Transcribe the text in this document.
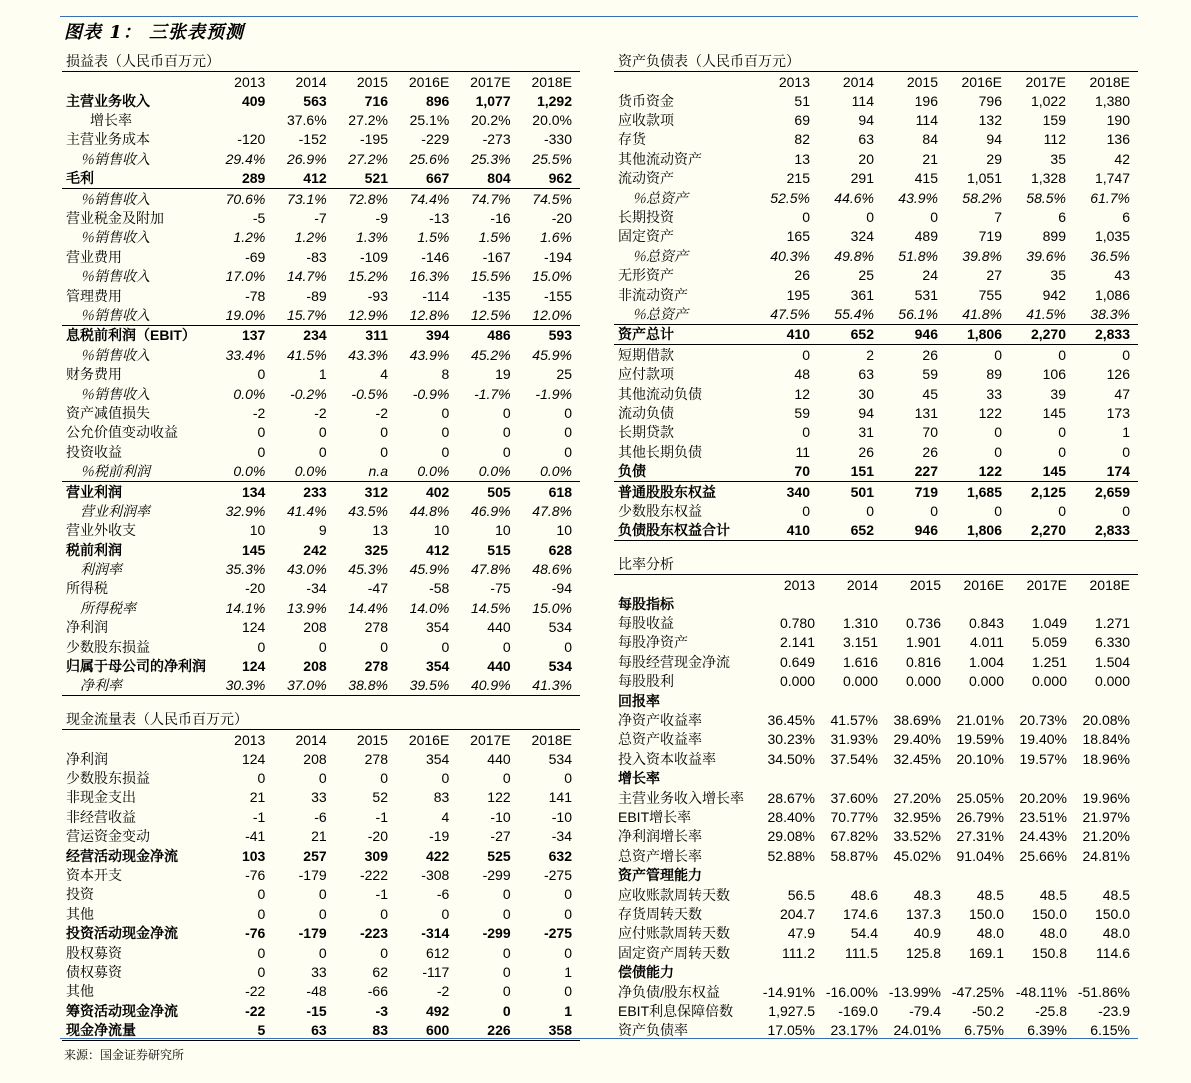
图表 1： 三张表预测
损益表（人民币百万元）
	2013	2014	2015	2016E	2017E	2018E
主营业务收入	409	563	716	896	1,077	1,292
增长率		37.6%	27.2%	25.1%	20.2%	20.0%
主营业务成本	-120	-152	-195	-229	-273	-330
％销售收入	29.4%	26.9%	27.2%	25.6%	25.3%	25.5%
毛利	289	412	521	667	804	962
％销售收入	70.6%	73.1%	72.8%	74.4%	74.7%	74.5%
营业税金及附加	-5	-7	-9	-13	-16	-20
％销售收入	1.2%	1.2%	1.3%	1.5%	1.5%	1.6%
营业费用	-69	-83	-109	-146	-167	-194
％销售收入	17.0%	14.7%	15.2%	16.3%	15.5%	15.0%
管理费用	-78	-89	-93	-114	-135	-155
％销售收入	19.0%	15.7%	12.9%	12.8%	12.5%	12.0%
息税前利润（EBIT）	137	234	311	394	486	593
％销售收入	33.4%	41.5%	43.3%	43.9%	45.2%	45.9%
财务费用	0	1	4	8	19	25
％销售收入	0.0%	-0.2%	-0.5%	-0.9%	-1.7%	-1.9%
资产减值损失	-2	-2	-2	0	0	0
公允价值变动收益	0	0	0	0	0	0
投资收益	0	0	0	0	0	0
％税前利润	0.0%	0.0%	n.a	0.0%	0.0%	0.0%
营业利润	134	233	312	402	505	618
营业利润率	32.9%	41.4%	43.5%	44.8%	46.9%	47.8%
营业外收支	10	9	13	10	10	10
税前利润	145	242	325	412	515	628
利润率	35.3%	43.0%	45.3%	45.9%	47.8%	48.6%
所得税	-20	-34	-47	-58	-75	-94
所得税率	14.1%	13.9%	14.4%	14.0%	14.5%	15.0%
净利润	124	208	278	354	440	534
少数股东损益	0	0	0	0	0	0
归属于母公司的净利润	124	208	278	354	440	534
净利率	30.3%	37.0%	38.8%	39.5%	40.9%	41.3%
现金流量表（人民币百万元）
	2013	2014	2015	2016E	2017E	2018E
净利润	124	208	278	354	440	534
少数股东损益	0	0	0	0	0	0
非现金支出	21	33	52	83	122	141
非经营收益	-1	-6	-1	4	-10	-10
营运资金变动	-41	21	-20	-19	-27	-34
经营活动现金净流	103	257	309	422	525	632
资本开支	-76	-179	-222	-308	-299	-275
投资	0	0	-1	-6	0	0
其他	0	0	0	0	0	0
投资活动现金净流	-76	-179	-223	-314	-299	-275
股权募资	0	0	0	612	0	0
债权募资	0	33	62	-117	0	1
其他	-22	-48	-66	-2	0	0
筹资活动现金净流	-22	-15	-3	492	0	1
现金净流量	5	63	83	600	226	358
资产负债表（人民币百万元）
	2013	2014	2015	2016E	2017E	2018E
货币资金	51	114	196	796	1,022	1,380
应收款项	69	94	114	132	159	190
存货	82	63	84	94	112	136
其他流动资产	13	20	21	29	35	42
流动资产	215	291	415	1,051	1,328	1,747
％总资产	52.5%	44.6%	43.9%	58.2%	58.5%	61.7%
长期投资	0	0	0	7	6	6
固定资产	165	324	489	719	899	1,035
％总资产	40.3%	49.8%	51.8%	39.8%	39.6%	36.5%
无形资产	26	25	24	27	35	43
非流动资产	195	361	531	755	942	1,086
％总资产	47.5%	55.4%	56.1%	41.8%	41.5%	38.3%
资产总计	410	652	946	1,806	2,270	2,833
短期借款	0	2	26	0	0	0
应付款项	48	63	59	89	106	126
其他流动负债	12	30	45	33	39	47
流动负债	59	94	131	122	145	173
长期贷款	0	31	70	0	0	1
其他长期负债	11	26	26	0	0	0
负债	70	151	227	122	145	174
普通股股东权益	340	501	719	1,685	2,125	2,659
少数股东权益	0	0	0	0	0	0
负债股东权益合计	410	652	946	1,806	2,270	2,833
比率分析
	2013	2014	2015	2016E	2017E	2018E
每股指标						
每股收益	0.780	1.310	0.736	0.843	1.049	1.271
每股净资产	2.141	3.151	1.901	4.011	5.059	6.330
每股经营现金净流	0.649	1.616	0.816	1.004	1.251	1.504
每股股利	0.000	0.000	0.000	0.000	0.000	0.000
回报率						
净资产收益率	36.45%	41.57%	38.69%	21.01%	20.73%	20.08%
总资产收益率	30.23%	31.93%	29.40%	19.59%	19.40%	18.84%
投入资本收益率	34.50%	37.54%	32.45%	20.10%	19.57%	18.96%
增长率						
主营业务收入增长率	28.67%	37.60%	27.20%	25.05%	20.20%	19.96%
EBIT增长率	28.40%	70.77%	32.95%	26.79%	23.51%	21.97%
净利润增长率	29.08%	67.82%	33.52%	27.31%	24.43%	21.20%
总资产增长率	52.88%	58.87%	45.02%	91.04%	25.66%	24.81%
资产管理能力						
应收账款周转天数	56.5	48.6	48.3	48.5	48.5	48.5
存货周转天数	204.7	174.6	137.3	150.0	150.0	150.0
应付账款周转天数	47.9	54.4	40.9	48.0	48.0	48.0
固定资产周转天数	111.2	111.5	125.8	169.1	150.8	114.6
偿债能力						
净负债/股东权益	-14.91%	-16.00%	-13.99%	-47.25%	-48.11%	-51.86%
EBIT利息保障倍数	1,927.5	-169.0	-79.4	-50.2	-25.8	-23.9
资产负债率	17.05%	23.17%	24.01%	6.75%	6.39%	6.15%
来源：国金证券研究所
